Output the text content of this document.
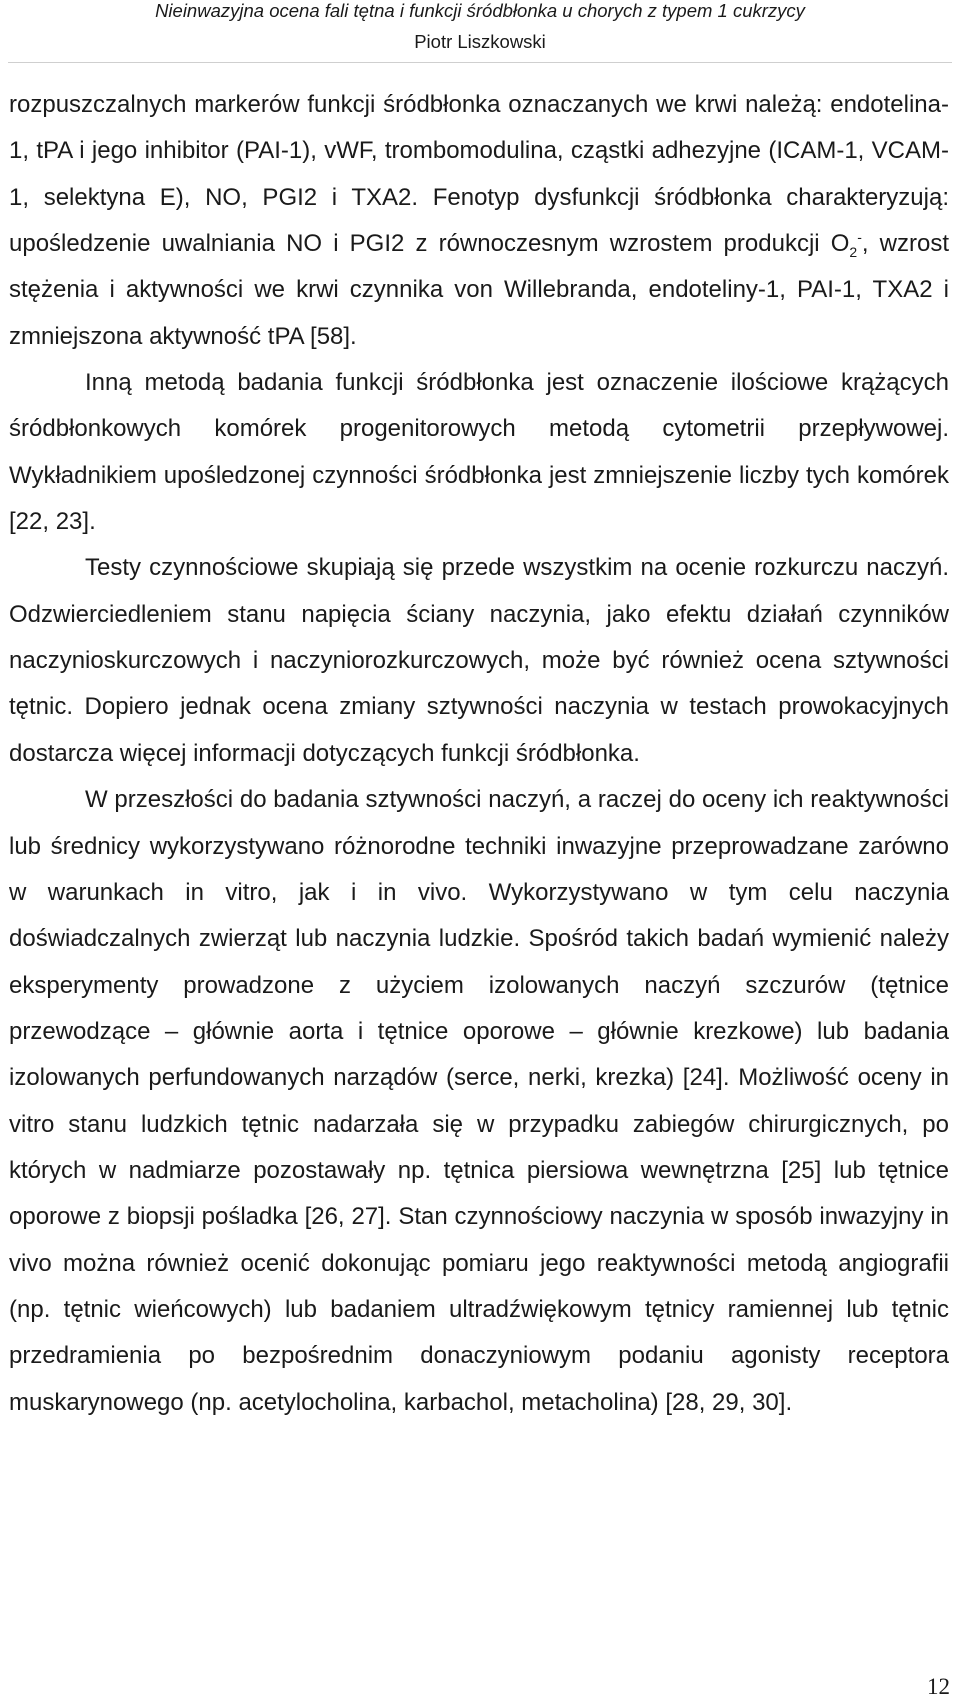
Nieinwazyjna ocena fali tętna i funkcji śródbłonka u chorych z typem 1 cukrzycy
Piotr Liszkowski

rozpuszczalnych markerów funkcji śródbłonka oznaczanych we krwi należą: endotelina-1, tPA i jego inhibitor (PAI-1), vWF, trombomodulina, cząstki adhezyjne (ICAM-1, VCAM-1, selektyna E), NO, PGI2 i TXA2. Fenotyp dysfunkcji śródbłonka charakteryzują: upośledzenie uwalniania NO i PGI2 z równoczesnym wzrostem produkcji $O_2^-$, wzrost stężenia i aktywności we krwi czynnika von Willebranda, endoteliny-1, PAI-1, TXA2 i zmniejszona aktywność tPA [58].

Inną metodą badania funkcji śródbłonka jest oznaczenie ilościowe krążących śródbłonkowych komórek progenitorowych metodą cytometrii przepływowej. Wykładnikiem upośledzonej czynności śródbłonka jest zmniejszenie liczby tych komórek [22, 23].

Testy czynnościowe skupiają się przede wszystkim na ocenie rozkurczu naczyń. Odzwierciedleniem stanu napięcia ściany naczynia, jako efektu działań czynników naczynioskurczowych i naczyniorozkurczowych, może być również ocena sztywności tętnic. Dopiero jednak ocena zmiany sztywności naczynia w testach prowokacyjnych dostarcza więcej informacji dotyczących funkcji śródbłonka.

W przeszłości do badania sztywności naczyń, a raczej do oceny ich reaktywności lub średnicy wykorzystywano różnorodne techniki inwazyjne przeprowadzane zarówno w warunkach in vitro, jak i in vivo. Wykorzystywano w tym celu naczynia doświadczalnych zwierząt lub naczynia ludzkie. Spośród takich badań wymienić należy eksperymenty prowadzone z użyciem izolowanych naczyń szczurów (tętnice przewodzące – głównie aorta i tętnice oporowe – głównie krezkowe) lub badania izolowanych perfundowanych narządów (serce, nerki, krezka) [24]. Możliwość oceny in vitro stanu ludzkich tętnic nadarzała się w przypadku zabiegów chirurgicznych, po których w nadmiarze pozostawały np. tętnica piersiowa wewnętrzna [25] lub tętnice oporowe z biopsji pośladka [26, 27]. Stan czynnościowy naczynia w sposób inwazyjny in vivo można również ocenić dokonując pomiaru jego reaktywności metodą angiografii (np. tętnic wieńcowych) lub badaniem ultradźwiękowym tętnicy ramiennej lub tętnic przedramienia po bezpośrednim donaczyniowym podaniu agonisty receptora muskarynowego (np. acetylocholina, karbachol, metacholina) [28, 29, 30].

12
